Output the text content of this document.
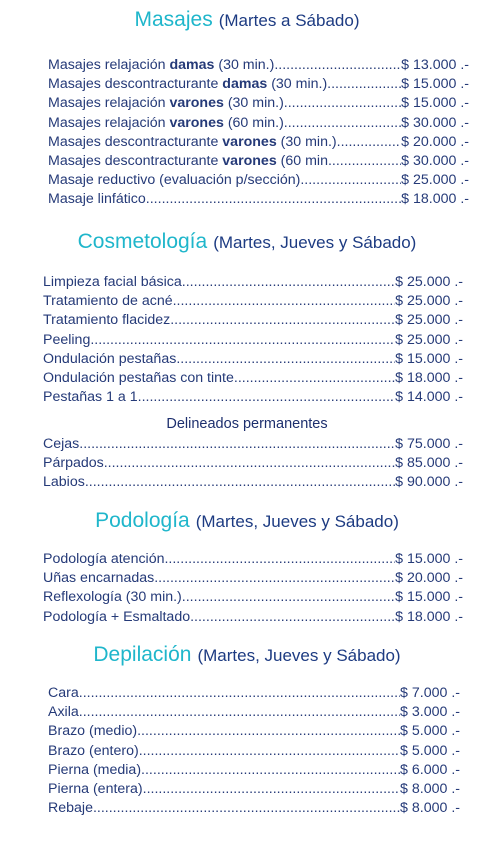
Masajes (Martes a Sábado)
Masajes relajación damas (30 min.) .....	$ 13.000 .-
Masajes descontracturante damas (30 min.) .....	$ 15.000 .-
Masajes relajación varones (30 min.) .....	$ 15.000 .-
Masajes relajación varones (60 min.) .....	$ 30.000 .-
Masajes descontracturante varones (30 min.) .....	$ 20.000 .-
Masajes descontracturante varones (60 min .....	$ 30.000 .-
Masaje reductivo (evaluación p/sección) .....	$ 25.000 .-
Masaje linfático .....	$ 18.000 .-
Cosmetología (Martes, Jueves y Sábado)
Limpieza facial básica .....	$ 25.000 .-
Tratamiento de acné .....	$ 25.000 .-
Tratamiento flacidez .....	$ 25.000 .-
Peeling .....	$ 25.000 .-
Ondulación pestañas .....	$ 15.000 .-
Ondulación pestañas con tinte .....	$ 18.000 .-
Pestañas 1 a 1 .....	$ 14.000 .-
Delineados permanentes
Cejas .....	$ 75.000 .-
Párpados .....	$ 85.000 .-
Labios .....	$ 90.000 .-
Podología (Martes, Jueves y Sábado)
Podología atención .....	$ 15.000 .-
Uñas encarnadas .....	$ 20.000 .-
Reflexología (30 min.) .....	$ 15.000 .-
Podología + Esmaltado .....	$ 18.000 .-
Depilación (Martes, Jueves y Sábado)
Cara .....	$ 7.000 .-
Axila .....	$ 3.000 .-
Brazo (medio) .....	$ 5.000 .-
Brazo (entero) .....	$ 5.000 .-
Pierna (media) .....	$ 6.000 .-
Pierna (entera) .....	$ 8.000 .-
Rebaje .....	$ 8.000 .-
